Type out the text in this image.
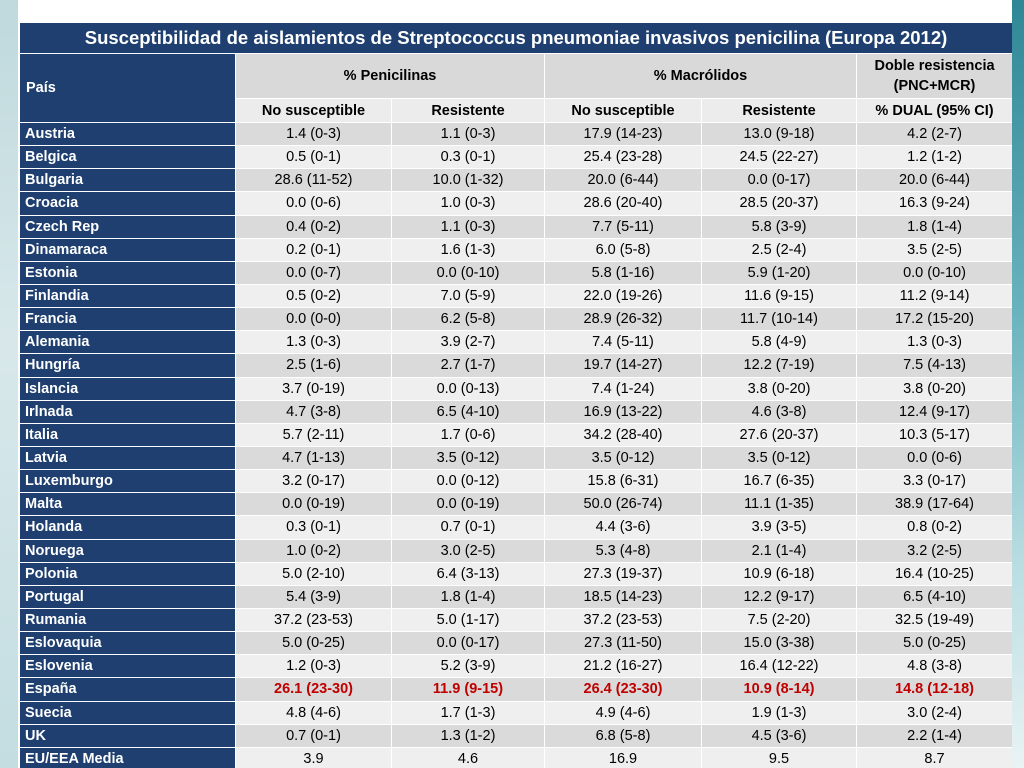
Susceptibilidad de aislamientos de Streptococcus pneumoniae invasivos penicilina (Europa 2012)					
País	% Penicilinas		% Macrólidos		Doble resistencia
(PNC+MCR)

	No susceptible	Resistente	No susceptible	Resistente	% DUAL (95% CI)
Austria	1.4 (0-3)	1.1 (0-3)	17.9 (14-23)	13.0 (9-18)	4.2 (2-7)
Belgica	0.5 (0-1)	0.3 (0-1)	25.4 (23-28)	24.5 (22-27)	1.2 (1-2)
Bulgaria	28.6 (11-52)	10.0 (1-32)	20.0 (6-44)	0.0 (0-17)	20.0 (6-44)
Croacia	0.0 (0-6)	1.0 (0-3)	28.6 (20-40)	28.5 (20-37)	16.3 (9-24)
Czech Rep	0.4 (0-2)	1.1 (0-3)	7.7 (5-11)	5.8 (3-9)	1.8 (1-4)
Dinamaraca	0.2 (0-1)	1.6 (1-3)	6.0 (5-8)	2.5 (2-4)	3.5 (2-5)
Estonia	0.0 (0-7)	0.0 (0-10)	5.8 (1-16)	5.9 (1-20)	0.0 (0-10)
Finlandia	0.5 (0-2)	7.0 (5-9)	22.0 (19-26)	11.6 (9-15)	11.2 (9-14)
Francia	0.0 (0-0)	6.2 (5-8)	28.9 (26-32)	11.7 (10-14)	17.2 (15-20)
Alemania	1.3 (0-3)	3.9 (2-7)	7.4 (5-11)	5.8 (4-9)	1.3 (0-3)
Hungría	2.5 (1-6)	2.7 (1-7)	19.7 (14-27)	12.2 (7-19)	7.5 (4-13)
Islancia	3.7 (0-19)	0.0 (0-13)	7.4 (1-24)	3.8 (0-20)	3.8 (0-20)
Irlnada	4.7 (3-8)	6.5 (4-10)	16.9 (13-22)	4.6 (3-8)	12.4 (9-17)
Italia	5.7 (2-11)	1.7 (0-6)	34.2 (28-40)	27.6 (20-37)	10.3 (5-17)
Latvia	4.7 (1-13)	3.5 (0-12)	3.5 (0-12)	3.5 (0-12)	0.0 (0-6)
Luxemburgo	3.2 (0-17)	0.0 (0-12)	15.8 (6-31)	16.7 (6-35)	3.3 (0-17)
Malta	0.0 (0-19)	0.0 (0-19)	50.0 (26-74)	11.1 (1-35)	38.9 (17-64)
Holanda	0.3 (0-1)	0.7 (0-1)	4.4 (3-6)	3.9 (3-5)	0.8 (0-2)
Noruega	1.0 (0-2)	3.0 (2-5)	5.3 (4-8)	2.1 (1-4)	3.2 (2-5)
Polonia	5.0 (2-10)	6.4 (3-13)	27.3 (19-37)	10.9 (6-18)	16.4 (10-25)
Portugal	5.4 (3-9)	1.8 (1-4)	18.5 (14-23)	12.2 (9-17)	6.5 (4-10)
Rumania	37.2 (23-53)	5.0 (1-17)	37.2 (23-53)	7.5 (2-20)	32.5 (19-49)
Eslovaquia	5.0 (0-25)	0.0 (0-17)	27.3 (11-50)	15.0 (3-38)	5.0 (0-25)
Eslovenia	1.2 (0-3)	5.2 (3-9)	21.2 (16-27)	16.4 (12-22)	4.8 (3-8)
España	26.1 (23-30)	11.9 (9-15)	26.4 (23-30)	10.9 (8-14)	14.8 (12-18)
Suecia	4.8 (4-6)	1.7 (1-3)	4.9 (4-6)	1.9 (1-3)	3.0 (2-4)
UK	0.7 (0-1)	1.3 (1-2)	6.8 (5-8)	4.5 (3-6)	2.2 (1-4)
EU/EEA Media	3.9	4.6	16.9	9.5	8.7
